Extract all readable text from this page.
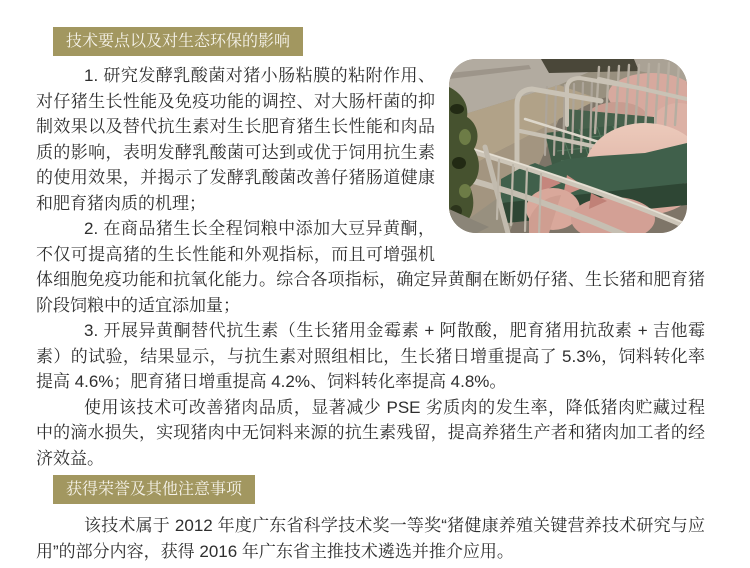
技术要点以及对生态环保的影响

1. 研究发酵乳酸菌对猪小肠粘膜的粘附作用、对仔猪生长性能及免疫功能的调控、对大肠杆菌的抑制效果以及替代抗生素对生长肥育猪生长性能和肉品质的影响，表明发酵乳酸菌可达到或优于饲用抗生素的使用效果，并揭示了发酵乳酸菌改善仔猪肠道健康和肥育猪肉质的机理；

2. 在商品猪生长全程饲粮中添加大豆异黄酮，不仅可提高猪的生长性能和外观指标，而且可增强机体细胞免疫功能和抗氧化能力。综合各项指标，确定异黄酮在断奶仔猪、生长猪和肥育猪阶段饲粮中的适宜添加量；

3. 开展异黄酮替代抗生素（生长猪用金霉素 + 阿散酸，肥育猪用抗敌素 + 吉他霉素）的试验，结果显示，与抗生素对照组相比，生长猪日增重提高了 5.3%，饲料转化率提高 4.6%；肥育猪日增重提高 4.2%、饲料转化率提高 4.8%。

使用该技术可改善猪肉品质，显著减少 PSE 劣质肉的发生率，降低猪肉贮藏过程中的滴水损失，实现猪肉中无饲料来源的抗生素残留，提高养猪生产者和猪肉加工者的经济效益。

获得荣誉及其他注意事项

该技术属于 2012 年度广东省科学技术奖一等奖“猪健康养殖关键营养技术研究与应用”的部分内容，获得 2016 年广东省主推技术遴选并推介应用。
